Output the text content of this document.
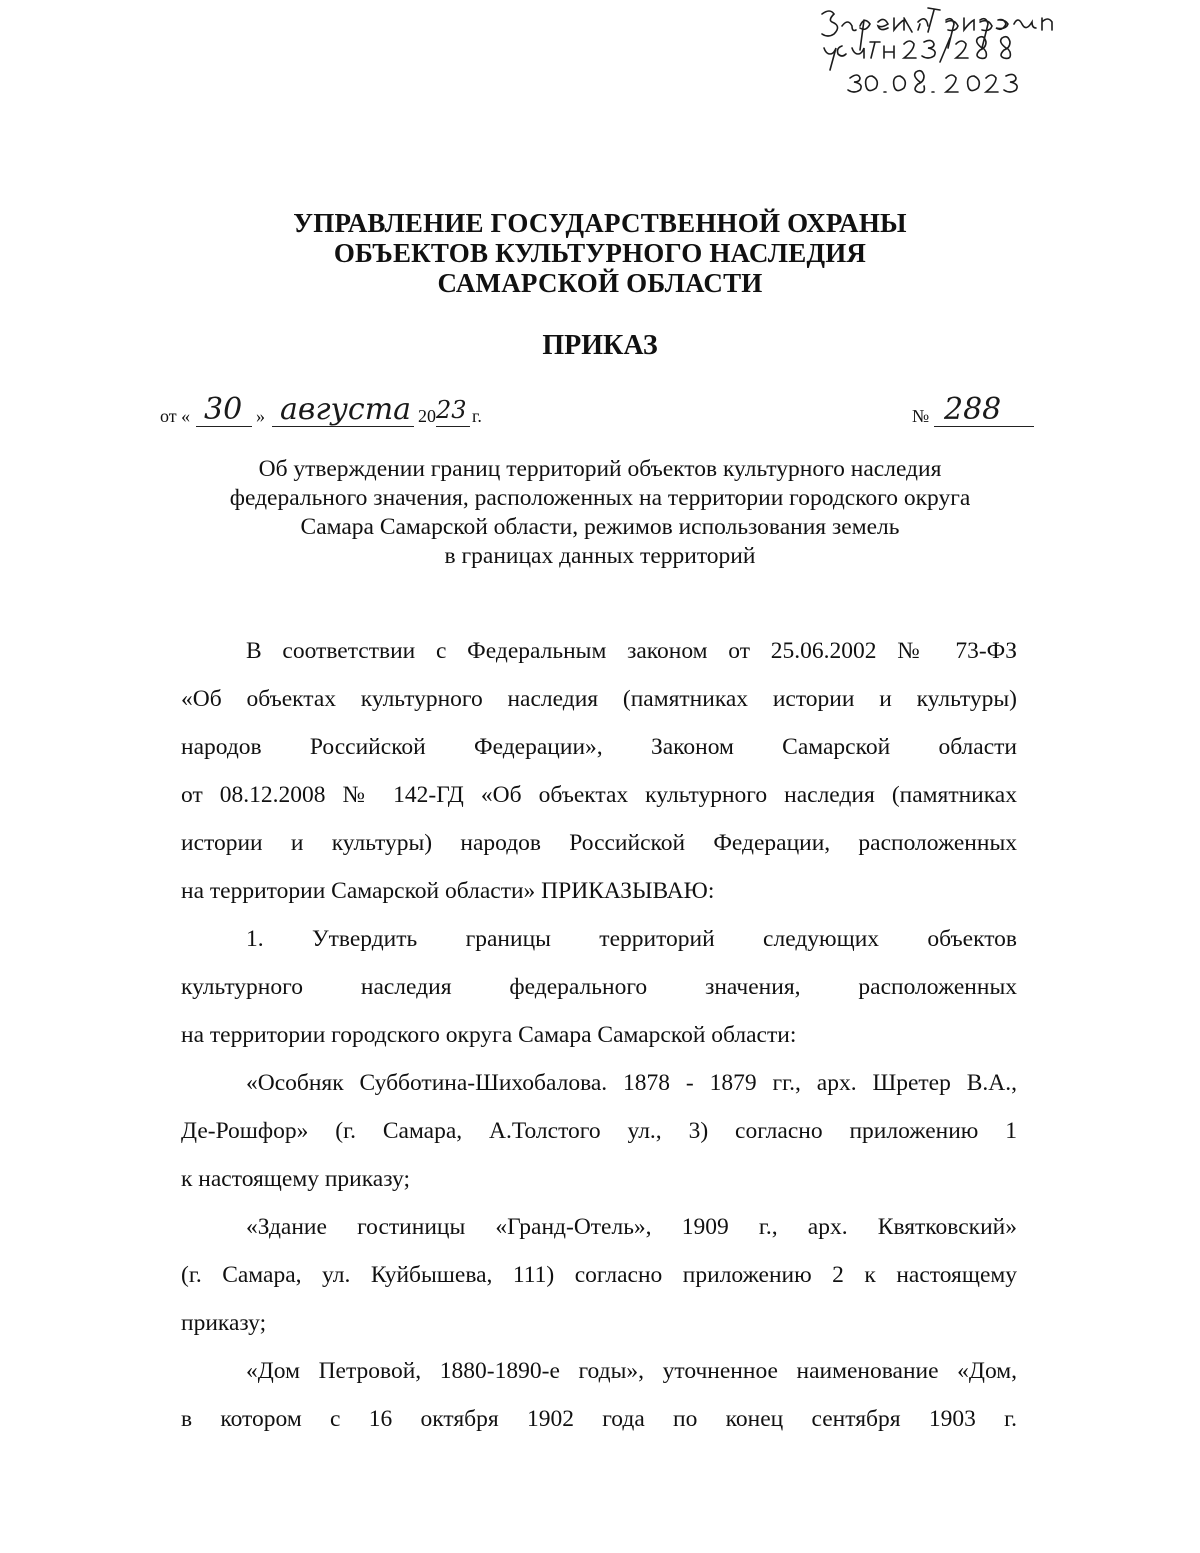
УПРАВЛЕНИЕ ГОСУДАРСТВЕННОЙ ОХРАНЫ
ОБЪЕКТОВ КУЛЬТУРНОГО НАСЛЕДИЯ
САМАРСКОЙ ОБЛАСТИ
ПРИКАЗ
от « 30 » августа 20 23 г.	№ 288
Об утверждении границ территорий объектов культурного наследия
федерального значения, расположенных на территории городского округа
Самара Самарской области, режимов использования земель
в границах данных территорий
В соответствии с Федеральным законом от 25.06.2002 № 73-ФЗ
«Об объектах культурного наследия (памятниках истории и культуры)
народов Российской Федерации», Законом Самарской области
от 08.12.2008 № 142-ГД «Об объектах культурного наследия (памятниках
истории и культуры) народов Российской Федерации, расположенных
на территории Самарской области» ПРИКАЗЫВАЮ:
1. Утвердить границы территорий следующих объектов
культурного наследия федерального значения, расположенных
на территории городского округа Самара Самарской области:
«Особняк Субботина-Шихобалова. 1878 - 1879 гг., арх. Шретер В.А.,
Де-Рошфор» (г. Самара, А.Толстого ул., 3) согласно приложению 1
к настоящему приказу;
«Здание гостиницы «Гранд-Отель», 1909 г., арх. Квятковский»
(г. Самара, ул. Куйбышева, 111) согласно приложению 2 к настоящему
приказу;
«Дом Петровой, 1880-1890-е годы», уточненное наименование «Дом,
в котором с 16 октября 1902 года по конец сентября 1903 г.
